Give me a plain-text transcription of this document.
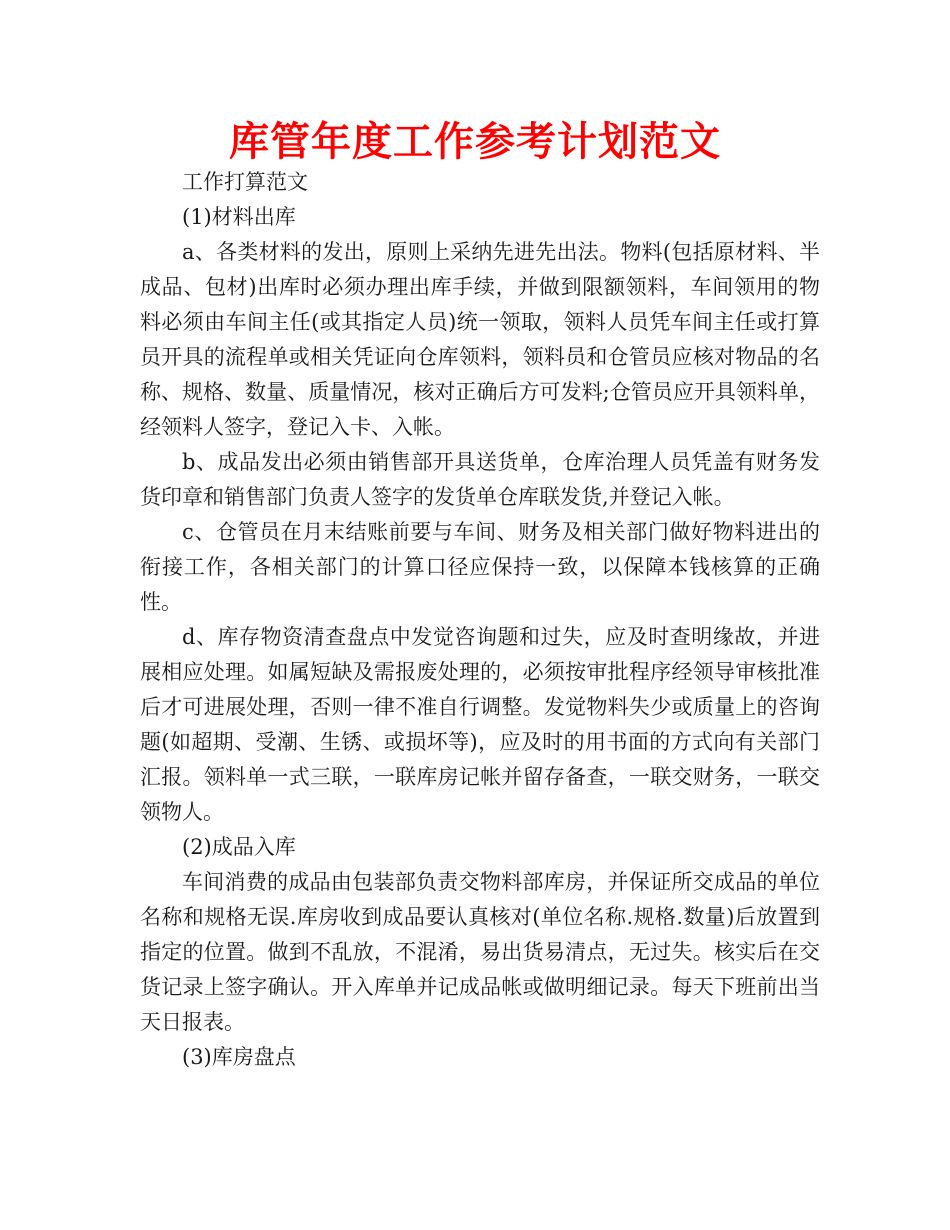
库管年度工作参考计划范文

工作打算范文

(1)材料出库

a、各类材料的发出，原则上采纳先进先出法。物料(包括原材料、半成品、包材)出库时必须办理出库手续，并做到限额领料，车间领用的物料必须由车间主任(或其指定人员)统一领取，领料人员凭车间主任或打算员开具的流程单或相关凭证向仓库领料，领料员和仓管员应核对物品的名称、规格、数量、质量情况，核对正确后方可发料;仓管员应开具领料单，经领料人签字，登记入卡、入帐。

b、成品发出必须由销售部开具送货单，仓库治理人员凭盖有财务发货印章和销售部门负责人签字的发货单仓库联发货,并登记入帐。

c、仓管员在月末结账前要与车间、财务及相关部门做好物料进出的衔接工作，各相关部门的计算口径应保持一致，以保障本钱核算的正确性。

d、库存物资清查盘点中发觉咨询题和过失，应及时查明缘故，并进展相应处理。如属短缺及需报废处理的，必须按审批程序经领导审核批准后才可进展处理，否则一律不准自行调整。发觉物料失少或质量上的咨询题(如超期、受潮、生锈、或损坏等)，应及时的用书面的方式向有关部门汇报。领料单一式三联，一联库房记帐并留存备查，一联交财务，一联交领物人。

(2)成品入库

车间消费的成品由包装部负责交物料部库房，并保证所交成品的单位名称和规格无误.库房收到成品要认真核对(单位名称.规格.数量)后放置到指定的位置。做到不乱放，不混淆，易出货易清点，无过失。核实后在交货记录上签字确认。开入库单并记成品帐或做明细记录。每天下班前出当天日报表。

(3)库房盘点
